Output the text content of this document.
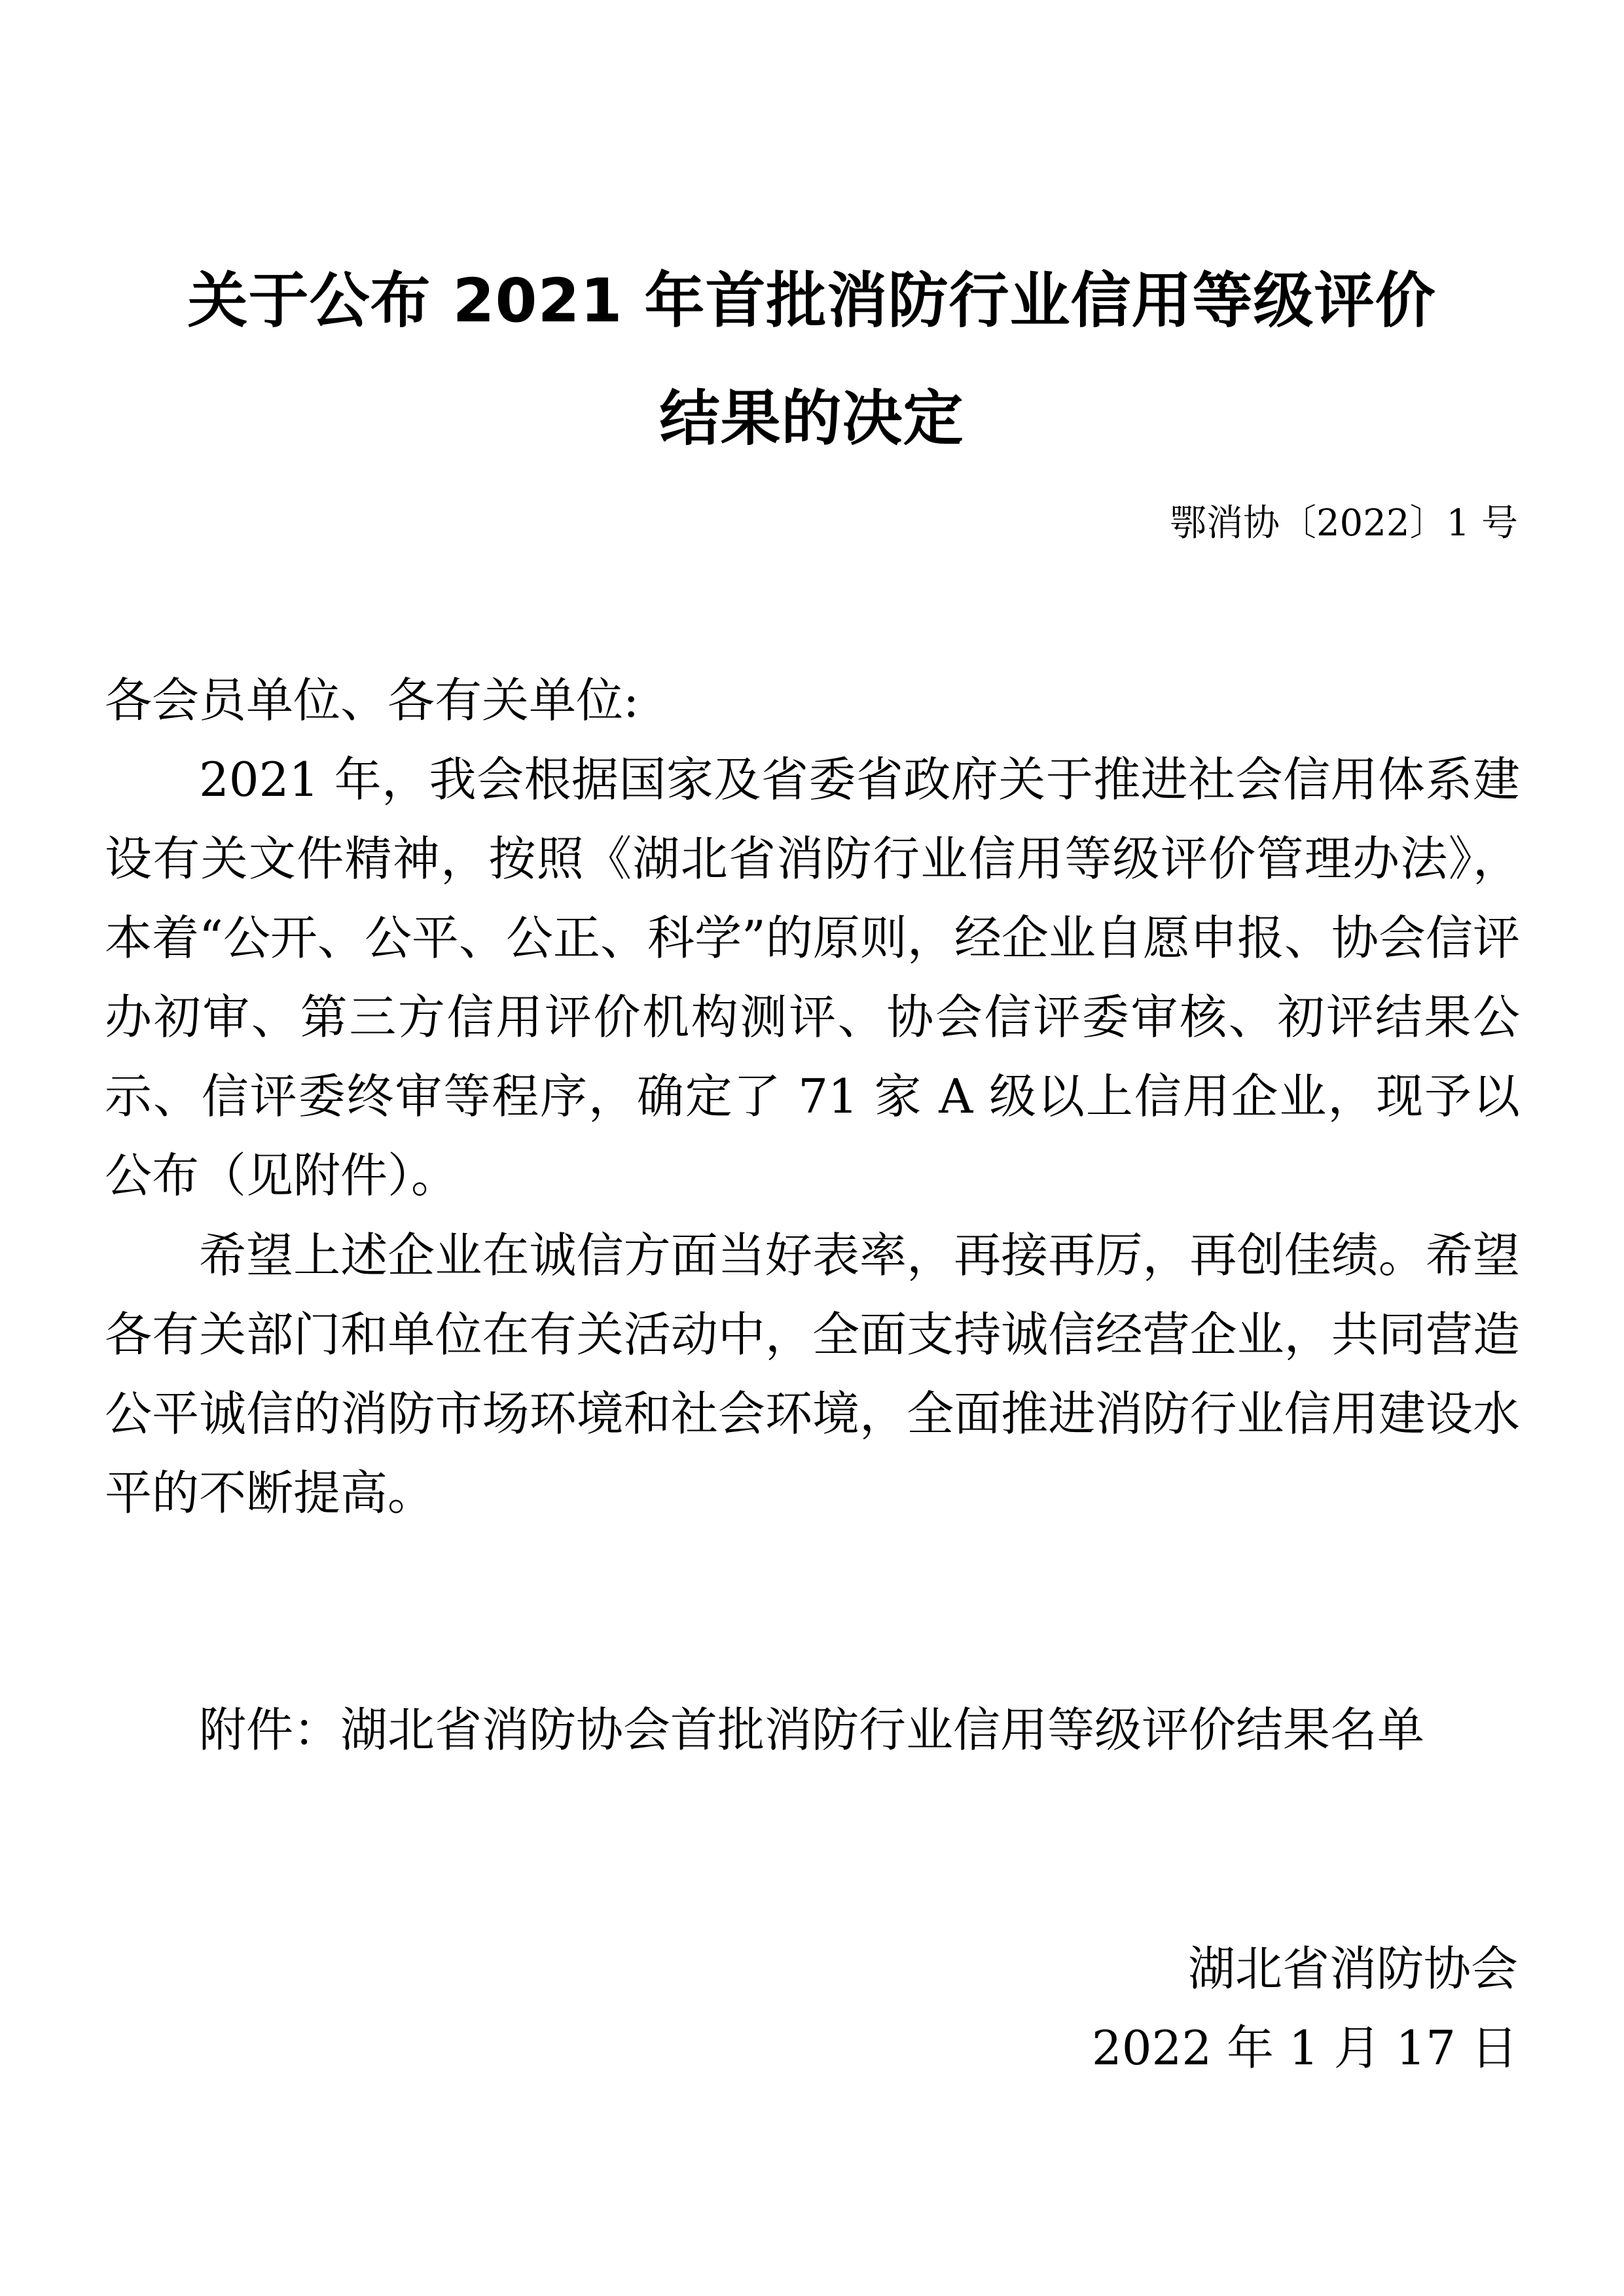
关于公布 2021 年首批消防行业信用等级评价
结果的决定
鄂消协〔2022〕1 号

各会员单位、各有关单位:

2021 年，我会根据国家及省委省政府关于推进社会信用体系建设有关文件精神，按照《湖北省消防行业信用等级评价管理办法》，本着“公开、公平、公正、科学”的原则，经企业自愿申报、协会信评办初审、第三方信用评价机构测评、协会信评委审核、初评结果公示、信评委终审等程序，确定了 71 家 A 级以上信用企业，现予以公布（见附件）。

希望上述企业在诚信方面当好表率，再接再厉，再创佳绩。希望各有关部门和单位在有关活动中，全面支持诚信经营企业，共同营造公平诚信的消防市场环境和社会环境，全面推进消防行业信用建设水平的不断提高。

附件：湖北省消防协会首批消防行业信用等级评价结果名单

湖北省消防协会
2022 年 1 月 17 日
